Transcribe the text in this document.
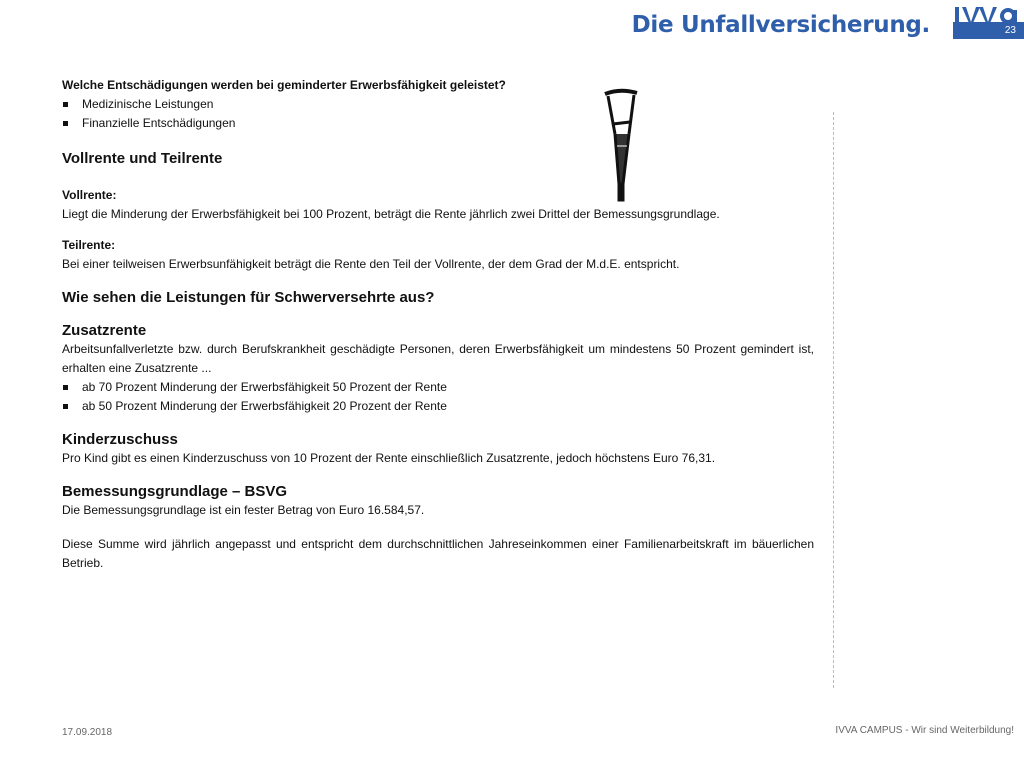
Die Unfallversicherung.	23
Welche Entschädigungen werden bei geminderter Erwerbsfähigkeit geleistet?
Medizinische Leistungen
Finanzielle Entschädigungen
Vollrente und Teilrente
Vollrente:
Liegt die Minderung der Erwerbsfähigkeit bei 100 Prozent, beträgt die Rente jährlich zwei Drittel der Bemessungsgrundlage.
Teilrente:
Bei einer teilweisen Erwerbsunfähigkeit beträgt die Rente den Teil der Vollrente, der dem Grad der M.d.E. entspricht.
Wie sehen die Leistungen für Schwerversehrte aus?
Zusatzrente
Arbeitsunfallverletzte bzw. durch Berufskrankheit geschädigte Personen, deren Erwerbsfähigkeit um mindestens 50 Prozent gemindert ist, erhalten eine Zusatzrente ...
ab 70 Prozent Minderung der Erwerbsfähigkeit 50 Prozent der Rente
ab 50 Prozent Minderung der Erwerbsfähigkeit 20 Prozent der Rente
Kinderzuschuss
Pro Kind gibt es einen Kinderzuschuss von 10 Prozent der Rente einschließlich Zusatzrente, jedoch höchstens Euro 76,31.
Bemessungsgrundlage – BSVG
Die Bemessungsgrundlage ist ein fester Betrag von Euro 16.584,57.
Diese Summe wird jährlich angepasst und entspricht dem durchschnittlichen Jahreseinkommen einer Familienarbeitskraft im bäuerlichen Betrieb.
17.09.2018	IVVA CAMPUS - Wir sind Weiterbildung!
